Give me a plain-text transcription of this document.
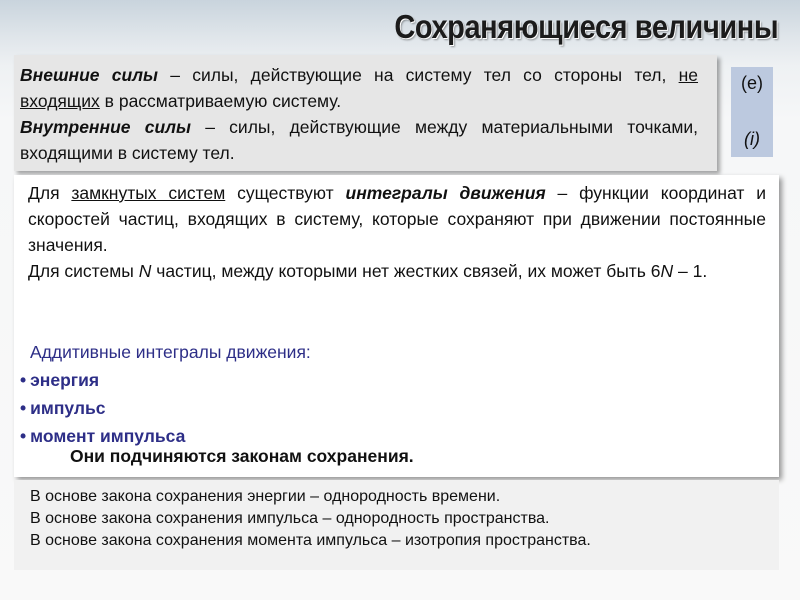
Сохраняющиеся величины

Внешние силы – силы, действующие на систему тел со стороны тел, не входящих в рассматриваемую систему.

Внутренние силы – силы, действующие между материальными точками, входящими в систему тел.

(e)
(i)

Для замкнутых систем существуют интегралы движения – функции координат и скоростей частиц, входящих в систему, которые сохраняют при движении постоянные значения.

Для системы N частиц, между которыми нет жестких связей, их может быть 6N – 1.

Аддитивные интегралы движения:
• энергия
• импульс
• момент импульса
Они подчиняются законам сохранения.
В основе закона сохранения энергии – однородность времени.
В основе закона сохранения импульса – однородность пространства.
В основе закона сохранения момента импульса – изотропия пространства.
